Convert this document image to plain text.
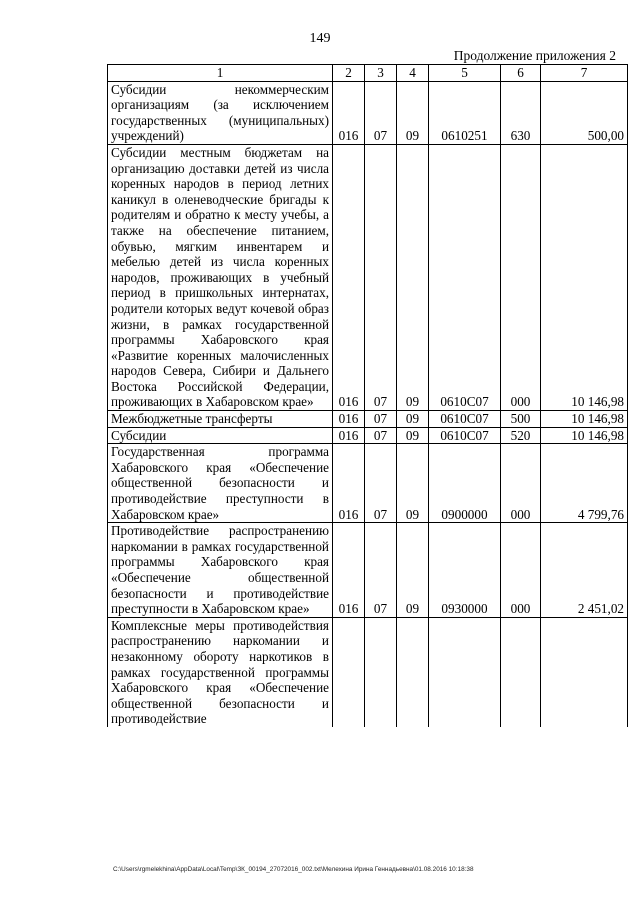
149
Продолжение приложения 2
1	2	3	4	5	6	7
Субсидии некоммерческим организациям (за исключением государственных (муниципальных) учреждений)	016	07	09	0610251	630	500,00
Субсидии местным бюджетам на организацию доставки детей из числа коренных народов в период летних каникул в оленеводческие бригады к родителям и обратно к месту учебы, а также на обеспечение питанием, обувью, мягким инвентарем и мебелью детей из числа коренных народов, проживающих в учебный период в пришкольных интернатах, родители которых ведут кочевой образ жизни, в рамках государственной программы Хабаровского края «Развитие коренных малочисленных народов Севера, Сибири и Дальнего Востока Российской Федерации, проживающих в Хабаровском крае»	016	07	09	0610С07	000	10 146,98
Межбюджетные трансферты	016	07	09	0610С07	500	10 146,98
Субсидии	016	07	09	0610С07	520	10 146,98
Государственная программа Хабаровского края «Обеспечение общественной безопасности и противодействие преступности в Хабаровском крае»	016	07	09	0900000	000	4 799,76
Противодействие распространению наркомании в рамках государственной программы Хабаровского края «Обеспечение общественной безопасности и противодействие преступности в Хабаровском крае»	016	07	09	0930000	000	2 451,02
Комплексные меры противодействия распространению наркомании и незаконному обороту наркотиков в рамках государственной программы Хабаровского края «Обеспечение общественной безопасности и противодействие						
C:\Users\rgmelekhina\AppData\Local\Temp\ЗК_00194_27072016_002.txt\Мелехина Ирина Геннадьевна\01.08.2016 10:18:38
